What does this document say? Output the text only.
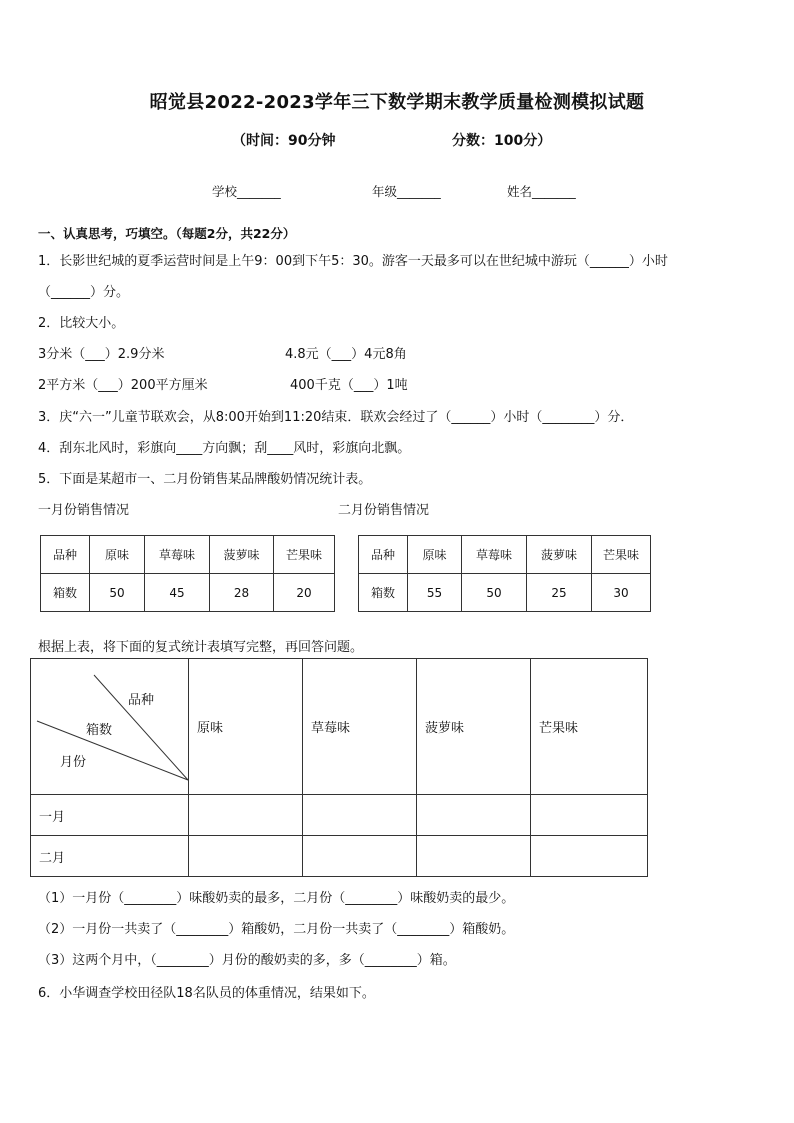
昭觉县2022-2023学年三下数学期末教学质量检测模拟试题
（时间：90分钟	分数：100分）
学校_______	年级_______	姓名_______
一、认真思考，巧填空。（每题2分，共22分）
1．长影世纪城的夏季运营时间是上午9：00到下午5：30。游客一天最多可以在世纪城中游玩（______）小时
（______）分。
2．比较大小。
3分米（___）2.9分米	4.8元（___）4元8角
2平方米（___）200平方厘米	400千克（___）1吨
3．庆“六一”儿童节联欢会，从8:00开始到11:20结束．联欢会经过了（______）小时（________）分．
4．刮东北风时，彩旗向____方向飘；刮____风时，彩旗向北飘。
5．下面是某超市一、二月份销售某品牌酸奶情况统计表。
一月份销售情况	二月份销售情况
品种	原味	草莓味	菠萝味	芒果味
箱数	50	45	28	20
品种	原味	草莓味	菠萝味	芒果味
箱数	55	50	25	30
根据上表，将下面的复式统计表填写完整，再回答问题。
品种
箱数
月份	原味	草莓味	菠萝味	芒果味
一月				
二月				
（1）一月份（________）味酸奶卖的最多，二月份（________）味酸奶卖的最少。
（2）一月份一共卖了（________）箱酸奶，二月份一共卖了（________）箱酸奶。
（3）这两个月中，（________）月份的酸奶卖的多，多（________）箱。
6．小华调查学校田径队18名队员的体重情况，结果如下。
